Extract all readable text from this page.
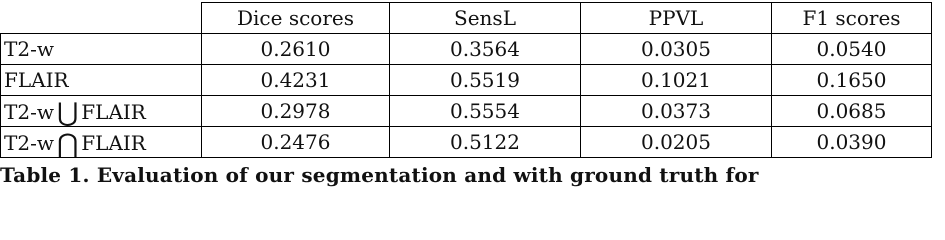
	Dice scores	SensL	PPVL	F1 scores
T2-w	0.2610	0.3564	0.0305	0.0540
FLAIR	0.4231	0.5519	0.1021	0.1650
T2-w ⋃ FLAIR	0.2978	0.5554	0.0373	0.0685
T2-w ⋂ FLAIR	0.2476	0.5122	0.0205	0.0390
Table 1. Evaluation of our segmentation and with ground truth for
